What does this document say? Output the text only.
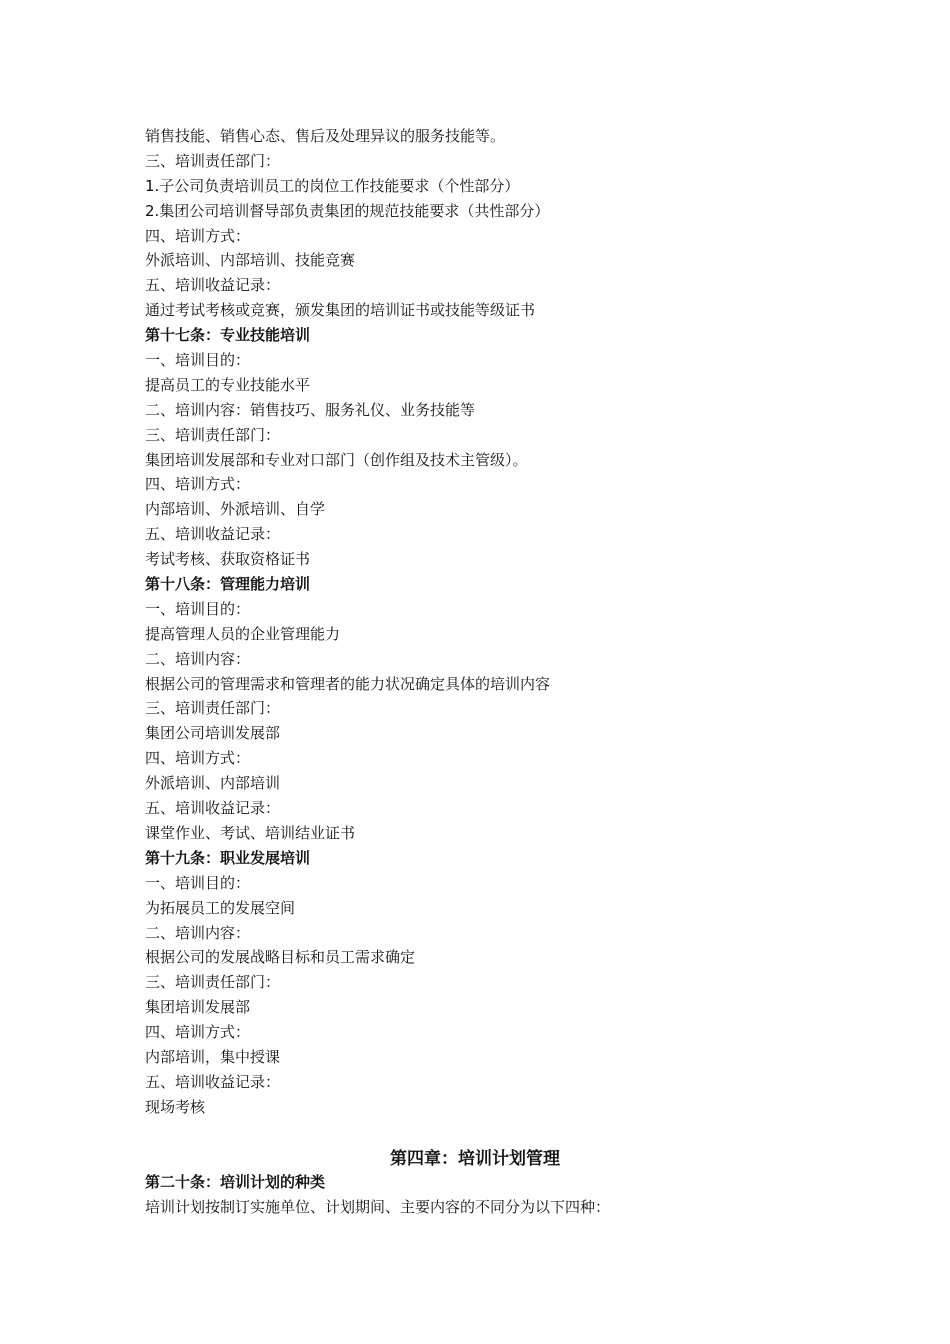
销售技能、销售心态、售后及处理异议的服务技能等。
三、培训责任部门：
1.子公司负责培训员工的岗位工作技能要求（个性部分）
2.集团公司培训督导部负责集团的规范技能要求（共性部分）
四、培训方式：
外派培训、内部培训、技能竞赛
五、培训收益记录：
通过考试考核或竞赛，颁发集团的培训证书或技能等级证书
第十七条：专业技能培训
一、培训目的：
提高员工的专业技能水平
二、培训内容：销售技巧、服务礼仪、业务技能等
三、培训责任部门：
集团培训发展部和专业对口部门（创作组及技术主管级）。
四、培训方式：
内部培训、外派培训、自学
五、培训收益记录：
考试考核、获取资格证书
第十八条：管理能力培训
一、培训目的：
提高管理人员的企业管理能力
二、培训内容：
根据公司的管理需求和管理者的能力状况确定具体的培训内容
三、培训责任部门：
集团公司培训发展部
四、培训方式：
外派培训、内部培训
五、培训收益记录：
课堂作业、考试、培训结业证书
第十九条：职业发展培训
一、培训目的：
为拓展员工的发展空间
二、培训内容：
根据公司的发展战略目标和员工需求确定
三、培训责任部门：
集团培训发展部
四、培训方式：
内部培训，集中授课
五、培训收益记录：
现场考核
第四章：培训计划管理
第二十条：培训计划的种类
培训计划按制订实施单位、计划期间、主要内容的不同分为以下四种：
